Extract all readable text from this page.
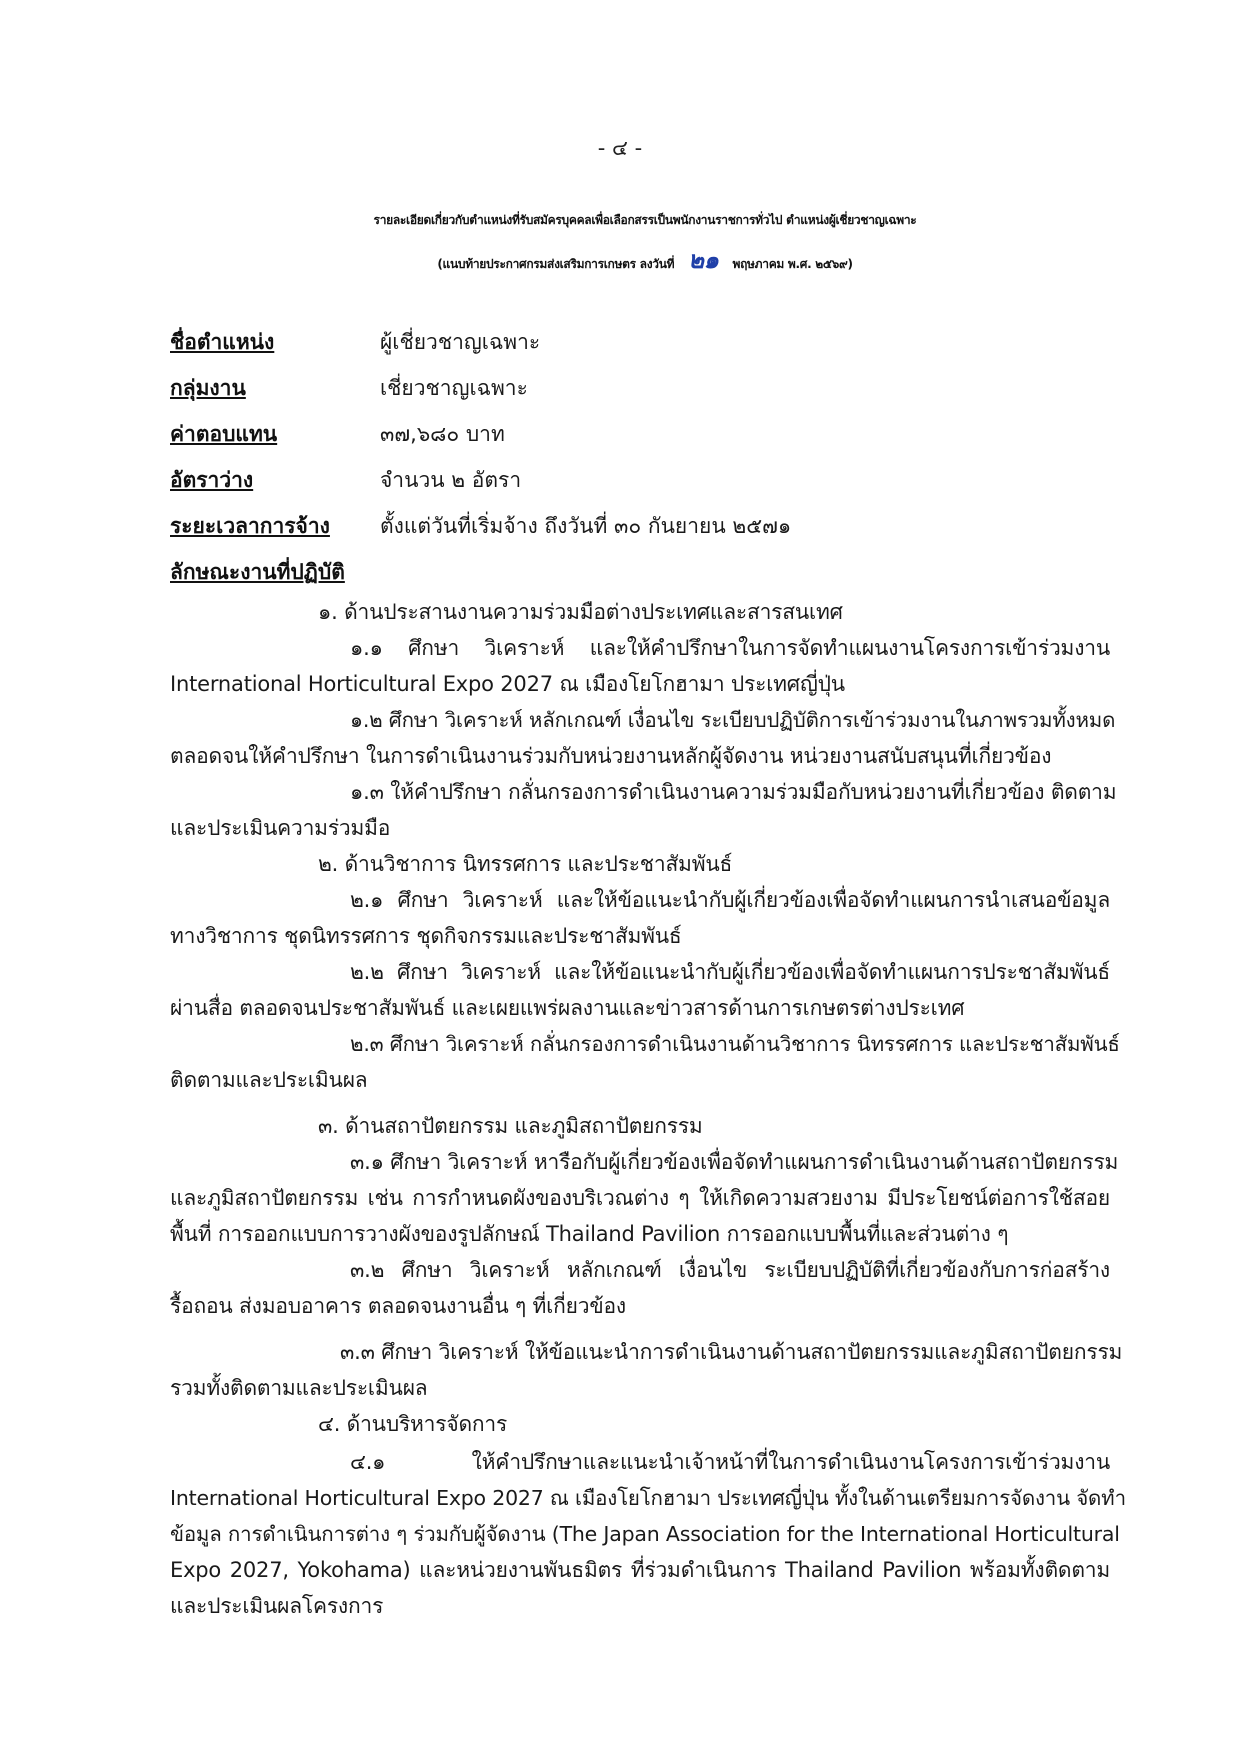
- ๔ -
รายละเอียดเกี่ยวกับตำแหน่งที่รับสมัครบุคคลเพื่อเลือกสรรเป็นพนักงานราชการทั่วไป ตำแหน่งผู้เชี่ยวชาญเฉพาะ
(แนบท้ายประกาศกรมส่งเสริมการเกษตร ลงวันที่ ๒๑ พฤษภาคม พ.ศ. ๒๕๖๙)
ชื่อตำแหน่ง	ผู้เชี่ยวชาญเฉพาะ
กลุ่มงาน	เชี่ยวชาญเฉพาะ
ค่าตอบแทน	๓๗,๖๘๐ บาท
อัตราว่าง	จำนวน ๒ อัตรา
ระยะเวลาการจ้าง ตั้งแต่วันที่เริ่มจ้าง ถึงวันที่ ๓๐ กันยายน ๒๕๗๑
ลักษณะงานที่ปฏิบัติ
๑. ด้านประสานงานความร่วมมือต่างประเทศและสารสนเทศ
๑.๑ ศึกษา วิเคราะห์ และให้คำปรึกษาในการจัดทำแผนงานโครงการเข้าร่วมงาน
International Horticultural Expo 2027 ณ เมืองโยโกฮามา ประเทศญี่ปุ่น
๑.๒ ศึกษา วิเคราะห์ หลักเกณฑ์ เงื่อนไข ระเบียบปฏิบัติการเข้าร่วมงานในภาพรวมทั้งหมด
ตลอดจนให้คำปรึกษา ในการดำเนินงานร่วมกับหน่วยงานหลักผู้จัดงาน หน่วยงานสนับสนุนที่เกี่ยวข้อง
๑.๓ ให้คำปรึกษา กลั่นกรองการดำเนินงานความร่วมมือกับหน่วยงานที่เกี่ยวข้อง ติดตาม
และประเมินความร่วมมือ
๒. ด้านวิชาการ นิทรรศการ และประชาสัมพันธ์
๒.๑ ศึกษา วิเคราะห์ และให้ข้อแนะนำกับผู้เกี่ยวข้องเพื่อจัดทำแผนการนำเสนอข้อมูล
ทางวิชาการ ชุดนิทรรศการ ชุดกิจกรรมและประชาสัมพันธ์
๒.๒ ศึกษา วิเคราะห์ และให้ข้อแนะนำกับผู้เกี่ยวข้องเพื่อจัดทำแผนการประชาสัมพันธ์
ผ่านสื่อ ตลอดจนประชาสัมพันธ์ และเผยแพร่ผลงานและข่าวสารด้านการเกษตรต่างประเทศ
๒.๓ ศึกษา วิเคราะห์ กลั่นกรองการดำเนินงานด้านวิชาการ นิทรรศการ และประชาสัมพันธ์
ติดตามและประเมินผล
๓. ด้านสถาปัตยกรรม และภูมิสถาปัตยกรรม
๓.๑ ศึกษา วิเคราะห์ หารือกับผู้เกี่ยวข้องเพื่อจัดทำแผนการดำเนินงานด้านสถาปัตยกรรม
และภูมิสถาปัตยกรรม เช่น การกำหนดผังของบริเวณต่าง ๆ ให้เกิดความสวยงาม มีประโยชน์ต่อการใช้สอย
พื้นที่ การออกแบบการวางผังของรูปลักษณ์ Thailand Pavilion การออกแบบพื้นที่และส่วนต่าง ๆ
๓.๒ ศึกษา วิเคราะห์ หลักเกณฑ์ เงื่อนไข ระเบียบปฏิบัติที่เกี่ยวข้องกับการก่อสร้าง
รื้อถอน ส่งมอบอาคาร ตลอดจนงานอื่น ๆ ที่เกี่ยวข้อง
๓.๓ ศึกษา วิเคราะห์ ให้ข้อแนะนำการดำเนินงานด้านสถาปัตยกรรมและภูมิสถาปัตยกรรม
รวมทั้งติดตามและประเมินผล
๔. ด้านบริหารจัดการ
๔.๑ ให้คำปรึกษาและแนะนำเจ้าหน้าที่ในการดำเนินงานโครงการเข้าร่วมงาน
International Horticultural Expo 2027 ณ เมืองโยโกฮามา ประเทศญี่ปุ่น ทั้งในด้านเตรียมการจัดงาน จัดทำ
ข้อมูล การดำเนินการต่าง ๆ ร่วมกับผู้จัดงาน (The Japan Association for the International Horticultural
Expo 2027, Yokohama) และหน่วยงานพันธมิตร ที่ร่วมดำเนินการ Thailand Pavilion พร้อมทั้งติดตาม
และประเมินผลโครงการ
